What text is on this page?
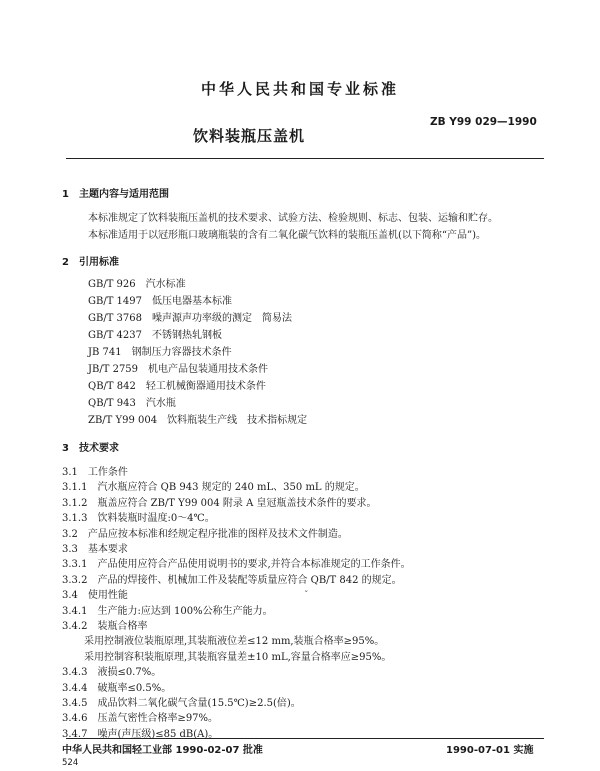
中华人民共和国专业标准
ZB Y99 029—1990
饮料装瓶压盖机
1　主题内容与适用范围
本标准规定了饮料装瓶压盖机的技术要求、试验方法、检验规则、标志、包装、运输和贮存。
本标准适用于以冠形瓶口玻璃瓶装的含有二氧化碳气饮料的装瓶压盖机(以下简称“产品”)。
2　引用标准
GB/T 926　 汽水标准
GB/T 1497　 低压电器基本标准
GB/T 3768　 噪声源声功率级的测定　简易法
GB/T 4237　 不锈钢热轧钢板
JB 741　 钢制压力容器技术条件
JB/T 2759　 机电产品包装通用技术条件
QB/T 842　 轻工机械衡器通用技术条件
QB/T 943　 汽水瓶
ZB/T Y99 004　 饮料瓶装生产线　技术指标规定
3　技术要求
ˇ
中华人民共和国轻工业部 1990-02-07 批准	1990-07-01 实施
524
3.1　工作条件
3.1.1　汽水瓶应符合 QB 943 规定的 240 mL、350 mL 的规定。
3.1.2　瓶盖应符合 ZB/T Y99 004 附录 A 皇冠瓶盖技术条件的要求。
3.1.3　饮料装瓶时温度:0～4℃。
3.2　产品应按本标准和经规定程序批准的图样及技术文件制造。
3.3　基本要求
3.3.1　产品使用应符合产品使用说明书的要求,并符合本标准规定的工作条件。
3.3.2　产品的焊接件、机械加工件及装配等质量应符合 QB/T 842 的规定。
3.4　使用性能
3.4.1　生产能力:应达到 100%公称生产能力。
3.4.2　装瓶合格率
　采用控制液位装瓶原理,其装瓶液位差≤12 mm,装瓶合格率≥95%。
　采用控制容积装瓶原理,其装瓶容量差±10 mL,容量合格率应≥95%。
3.4.3　液损≤0.7%。
3.4.4　破瓶率≤0.5%。
3.4.5　成品饮料二氧化碳气含量(15.5℃)≥2.5(倍)。
3.4.6　压盖气密性合格率≥97%。
3.4.7　噪声(声压级)≤85 dB(A)。
